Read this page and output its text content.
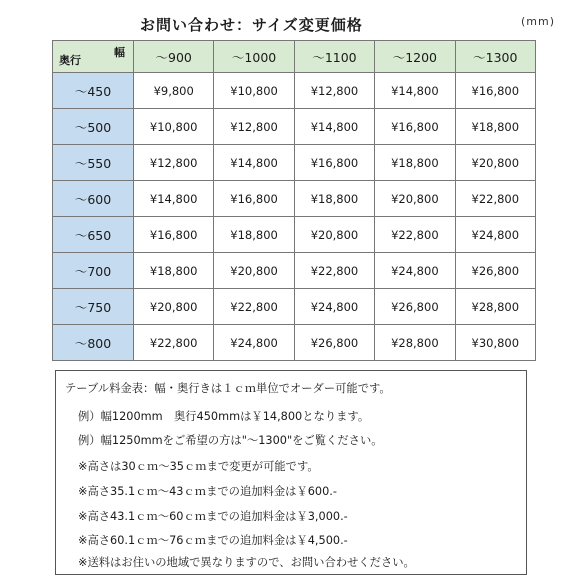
お問い合わせ：サイズ変更価格	(mm)
幅
奥行	～900	～1000	～1100	～1200	～1300
～450	¥9,800	¥10,800	¥12,800	¥14,800	¥16,800
～500	¥10,800	¥12,800	¥14,800	¥16,800	¥18,800
～550	¥12,800	¥14,800	¥16,800	¥18,800	¥20,800
～600	¥14,800	¥16,800	¥18,800	¥20,800	¥22,800
～650	¥16,800	¥18,800	¥20,800	¥22,800	¥24,800
～700	¥18,800	¥20,800	¥22,800	¥24,800	¥26,800
～750	¥20,800	¥22,800	¥24,800	¥26,800	¥28,800
～800	¥22,800	¥24,800	¥26,800	¥28,800	¥30,800
テーブル料金表：幅・奥行きは１ｃｍ単位でオーダー可能です。
例）幅1200mm　奥行450mmは￥14,800となります。
例）幅1250mmをご希望の方は"～1300"をご覧ください。
※高さは30ｃｍ～35ｃｍまで変更が可能です。
※高さ35.1ｃｍ～43ｃｍまでの追加料金は￥600.-
※高さ43.1ｃｍ～60ｃｍまでの追加料金は￥3,000.-
※高さ60.1ｃｍ～76ｃｍまでの追加料金は￥4,500.-
※送料はお住いの地域で異なりますので、お問い合わせください。
